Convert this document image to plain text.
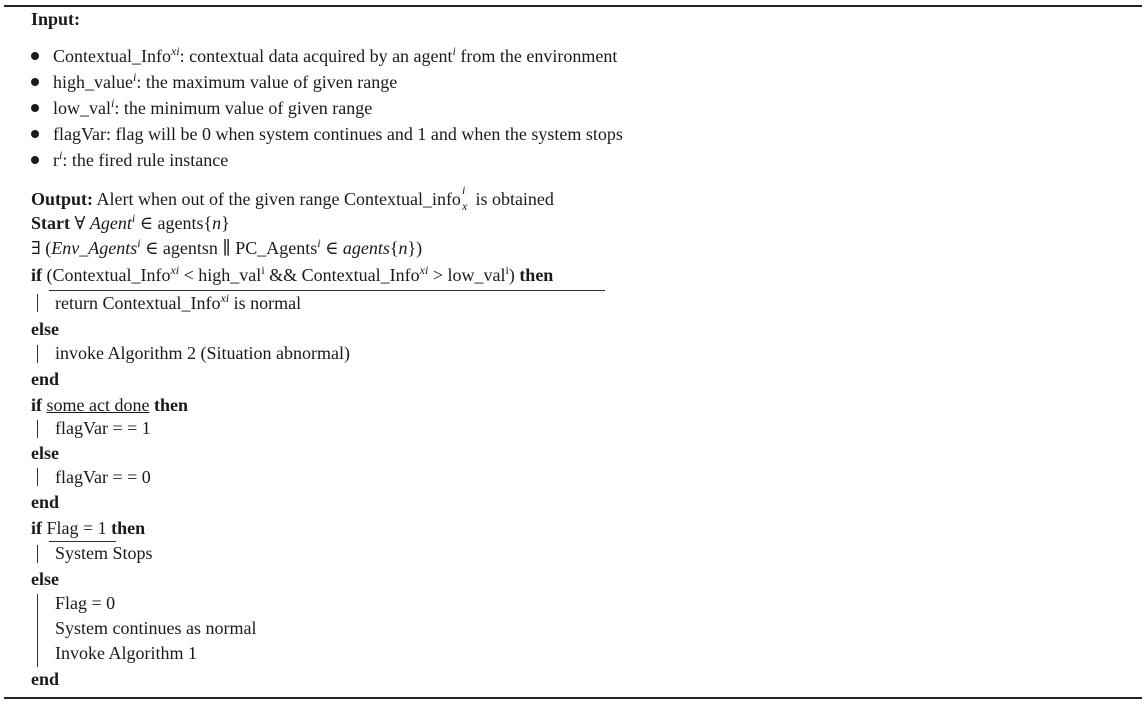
Input:
Contextual_Info$^{xi}$: contextual data acquired by an agent$^i$ from the environment
high_value$^i$: the maximum value of given range
low_val$^i$: the minimum value of given range
flagVar: flag will be 0 when system continues and 1 and when the system stops
$r^i$: the fired rule instance
Output: Alert when out of the given range Contextual_info i
x is obtained
Start ∀ Agent$^i$ ∈ agents{n}
∃ (Env_Agents$^i$ ∈ agentsn ∥ PC_Agents$^i$ ∈ agents{n})
if (Contextual_Info$^{xi}$ < high_val$^i$ && Contextual_Info$^{xi}$ > low_val$^i$) then
return Contextual_Info$^{xi}$ is normal
else
invoke Algorithm 2 (Situation abnormal)
end
if some act done then
flagVar = = 1
else
flagVar = = 0
end
if Flag = 1 then
System Stops
else
Flag = 0
System continues as normal
Invoke Algorithm 1
end
